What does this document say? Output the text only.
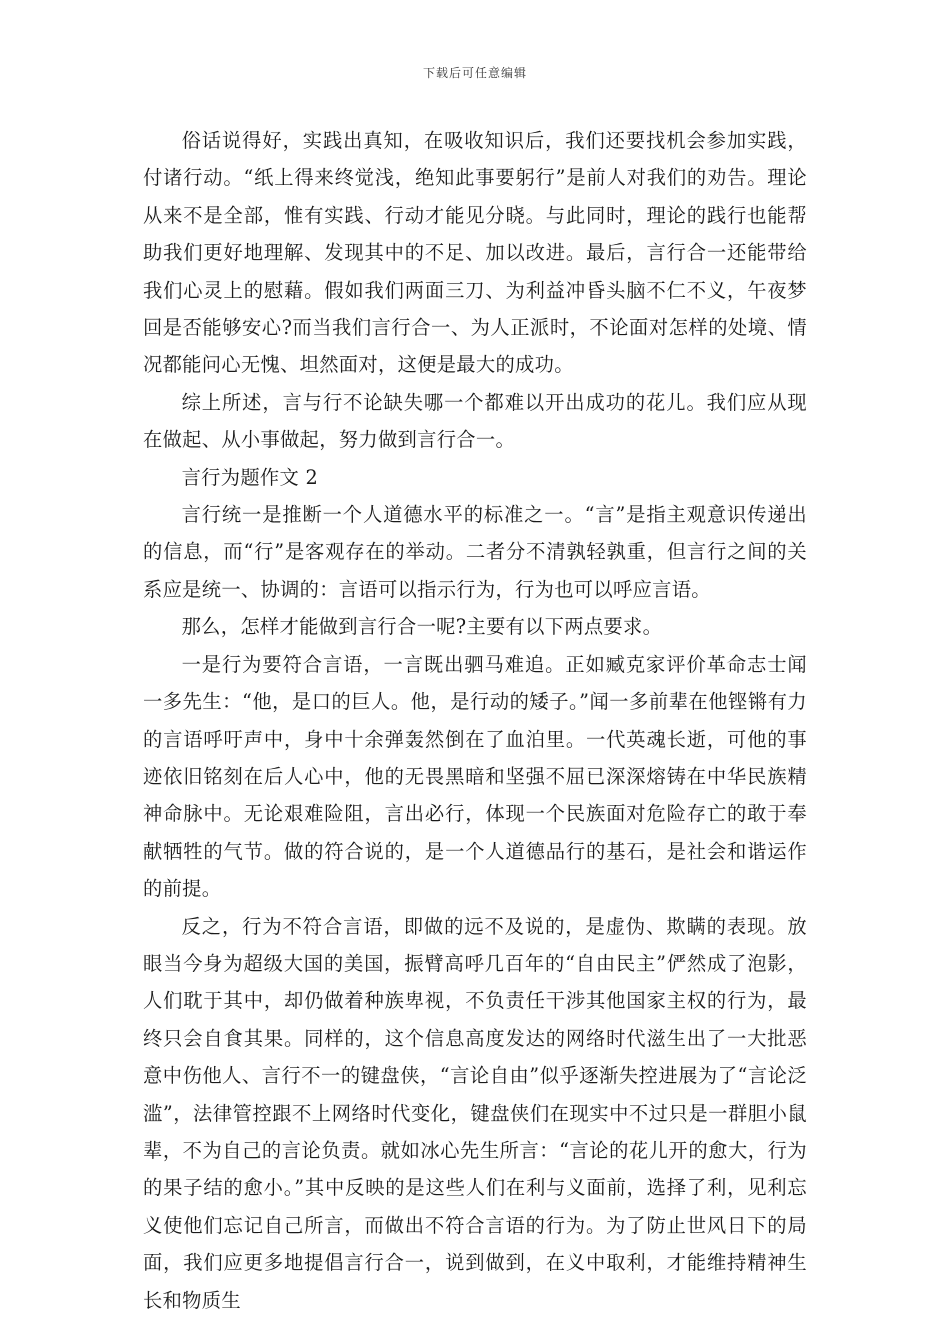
下载后可任意编辑

俗话说得好，实践出真知，在吸收知识后，我们还要找机会参加实践，付诸行动。“纸上得来终觉浅，绝知此事要躬行”是前人对我们的劝告。理论从来不是全部，惟有实践、行动才能见分晓。与此同时，理论的践行也能帮助我们更好地理解、发现其中的不足、加以改进。最后，言行合一还能带给我们心灵上的慰藉。假如我们两面三刀、为利益冲昏头脑不仁不义，午夜梦回是否能够安心?而当我们言行合一、为人正派时，不论面对怎样的处境、情况都能问心无愧、坦然面对，这便是最大的成功。

综上所述，言与行不论缺失哪一个都难以开出成功的花儿。我们应从现在做起、从小事做起，努力做到言行合一。

言行为题作文 2

言行统一是推断一个人道德水平的标准之一。“言”是指主观意识传递出的信息，而“行”是客观存在的举动。二者分不清孰轻孰重，但言行之间的关系应是统一、协调的：言语可以指示行为，行为也可以呼应言语。

那么，怎样才能做到言行合一呢?主要有以下两点要求。

一是行为要符合言语，一言既出驷马难追。正如臧克家评价革命志士闻一多先生：“他，是口的巨人。他，是行动的矮子。”闻一多前辈在他铿锵有力的言语呼吁声中，身中十余弹轰然倒在了血泊里。一代英魂长逝，可他的事迹依旧铭刻在后人心中，他的无畏黑暗和坚强不屈已深深熔铸在中华民族精神命脉中。无论艰难险阻，言出必行，体现一个民族面对危险存亡的敢于奉献牺牲的气节。做的符合说的，是一个人道德品行的基石，是社会和谐运作的前提。

反之，行为不符合言语，即做的远不及说的，是虚伪、欺瞒的表现。放眼当今身为超级大国的美国，振臂高呼几百年的“自由民主”俨然成了泡影，人们耽于其中，却仍做着种族卑视，不负责任干涉其他国家主权的行为，最终只会自食其果。同样的，这个信息高度发达的网络时代滋生出了一大批恶意中伤他人、言行不一的键盘侠，“言论自由”似乎逐渐失控进展为了“言论泛滥”，法律管控跟不上网络时代变化，键盘侠们在现实中不过只是一群胆小鼠辈，不为自己的言论负责。就如冰心先生所言：“言论的花儿开的愈大，行为的果子结的愈小。”其中反映的是这些人们在利与义面前，选择了利，见利忘义使他们忘记自己所言，而做出不符合言语的行为。为了防止世风日下的局面，我们应更多地提倡言行合一，说到做到，在义中取利，才能维持精神生长和物质生
